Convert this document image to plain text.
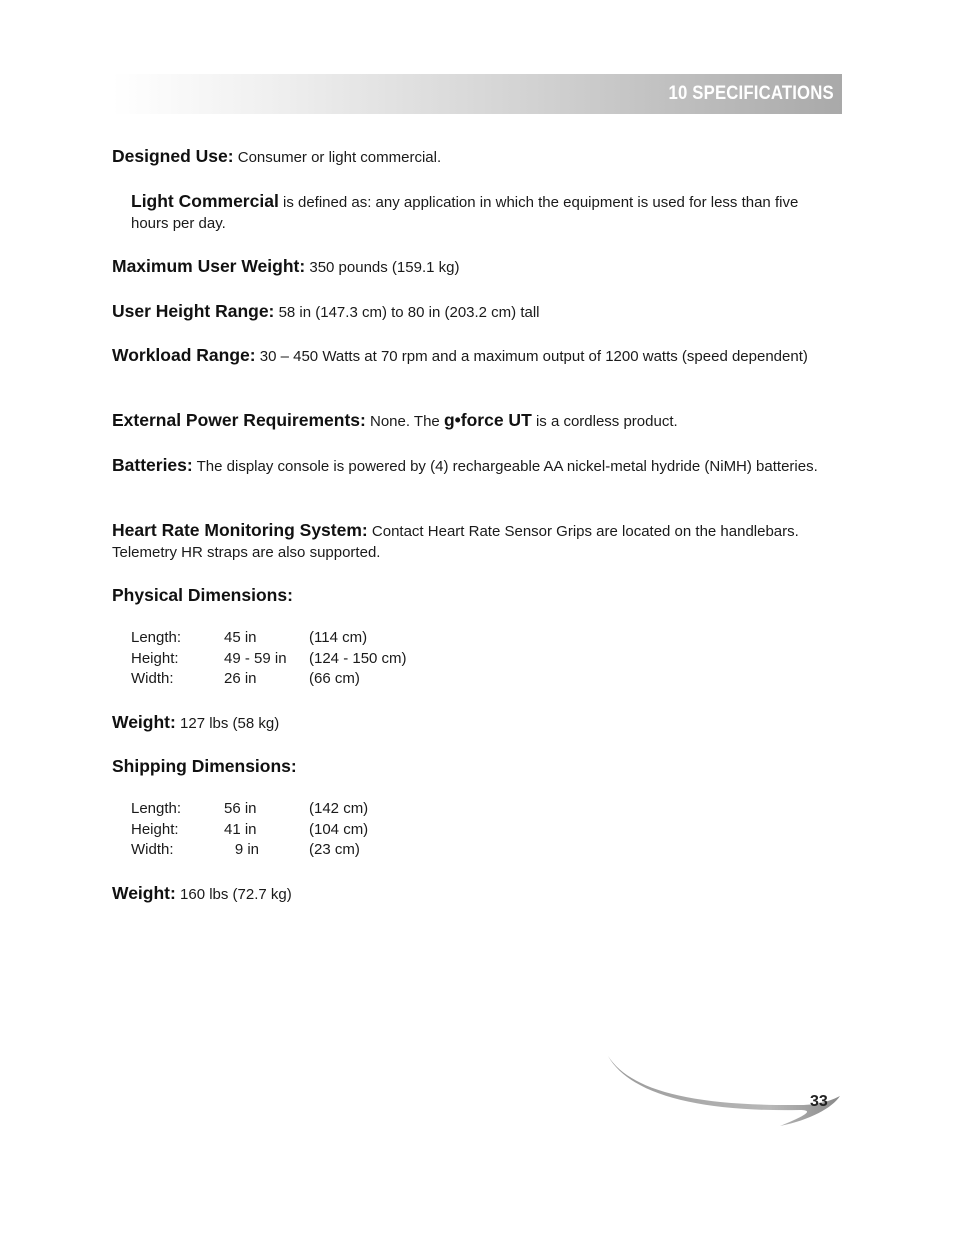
10 SPECIFICATIONS
Designed Use: Consumer or light commercial.
Light Commercial is defined as: any application in which the equipment is used for less than five hours per day.
Maximum User Weight: 350 pounds (159.1 kg)
User Height Range: 58 in (147.3 cm) to 80 in (203.2 cm) tall
Workload Range: 30 – 450 Watts at 70 rpm and a maximum output of 1200 watts (speed dependent)
External Power Requirements: None. The g•force UT is a cordless product.
Batteries: The display console is powered by (4) rechargeable AA nickel-metal hydride (NiMH) batteries.
Heart Rate Monitoring System: Contact Heart Rate Sensor Grips are located on the handlebars. Telemetry HR straps are also supported.
Physical Dimensions:
Length:	45 in	(114 cm)
Height:	49 - 59 in	(124 - 150 cm)
Width:	26 in	(66 cm)
Weight: 127 lbs (58 kg)
Shipping Dimensions:
Length:	56 in	(142 cm)
Height:	41 in	(104 cm)
Width:	9 in	(23 cm)
Weight: 160 lbs (72.7 kg)
33
